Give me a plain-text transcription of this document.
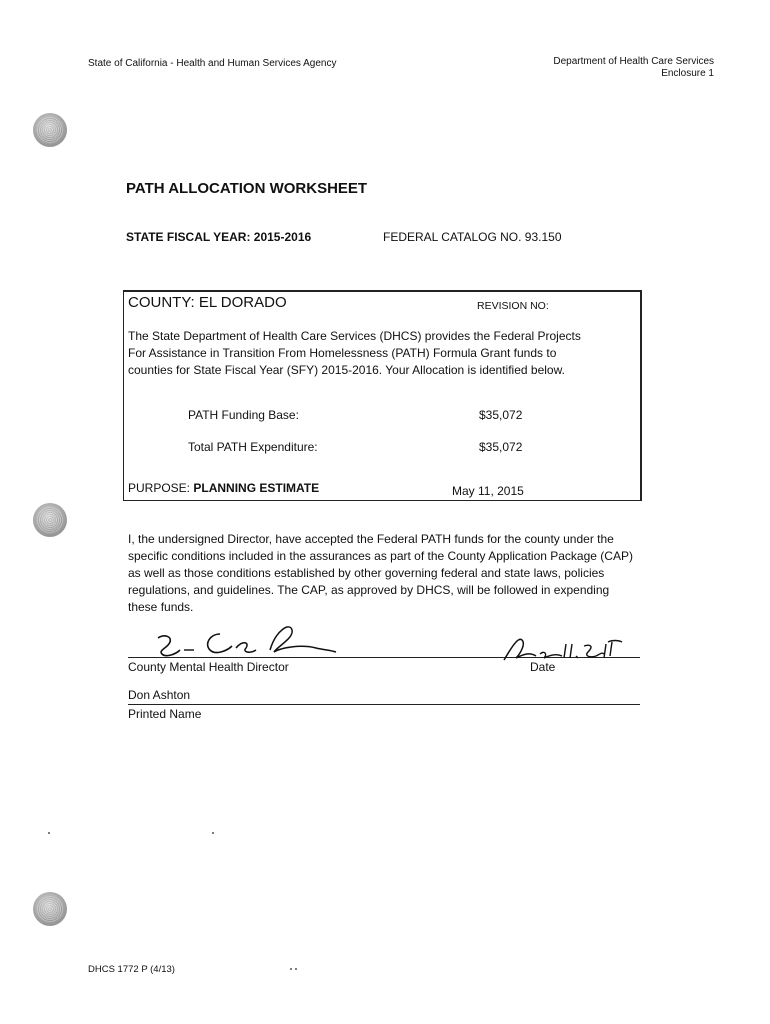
State of California - Health and Human Services Agency	Department of Health Care Services
Enclosure 1
PATH ALLOCATION WORKSHEET
STATE FISCAL YEAR: 2015-2016	FEDERAL CATALOG NO. 93.150
COUNTY: EL DORADO	REVISION NO:
The State Department of Health Care Services (DHCS) provides the Federal Projects
For Assistance in Transition From Homelessness (PATH) Formula Grant funds to
counties for State Fiscal Year (SFY) 2015-2016. Your Allocation is identified below.
PATH Funding Base:	$35,072
Total PATH Expenditure:	$35,072
PURPOSE: PLANNING ESTIMATE	May 11, 2015
I, the undersigned Director, have accepted the Federal PATH funds for the county under the
specific conditions included in the assurances as part of the County Application Package (CAP)
as well as those conditions established by other governing federal and state laws, policies
regulations, and guidelines. The CAP, as approved by DHCS, will be followed in expending
these funds.
County Mental Health Director	Date
Don Ashton
Printed Name
DHCS 1772 P (4/13)
